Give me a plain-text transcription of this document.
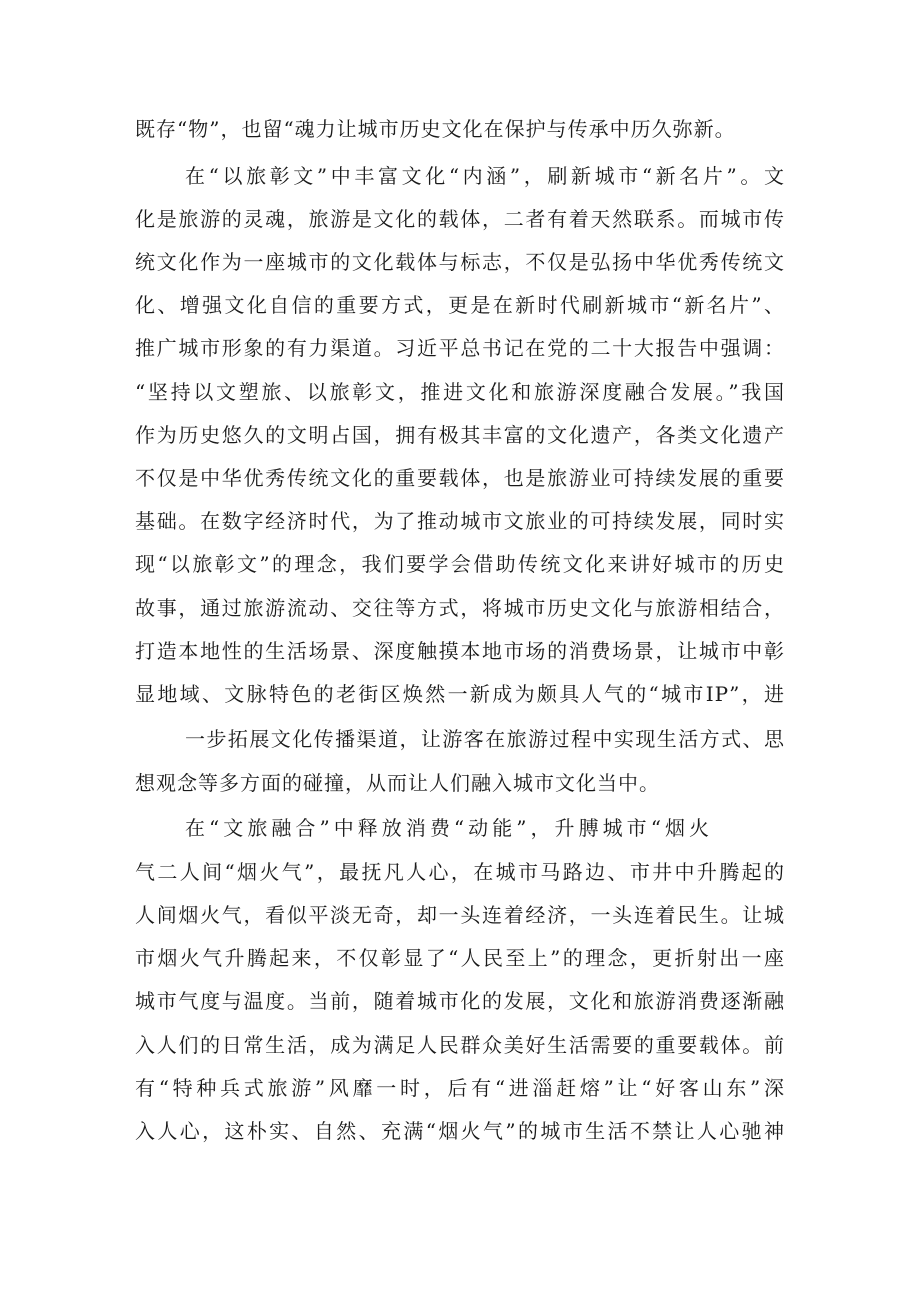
既存“物”，也留“魂力让城市历史文化在保护与传承中历久弥新。
在“以旅彰文”中丰富文化“内涵”，刷新城市“新名片”。文
化是旅游的灵魂，旅游是文化的载体，二者有着天然联系。而城市传
统文化作为一座城市的文化载体与标志，不仅是弘扬中华优秀传统文
化、增强文化自信的重要方式，更是在新时代刷新城市“新名片”、
推广城市形象的有力渠道。习近平总书记在党的二十大报告中强调：
“坚持以文塑旅、以旅彰文，推进文化和旅游深度融合发展。”我国
作为历史悠久的文明占国，拥有极其丰富的文化遗产，各类文化遗产
不仅是中华优秀传统文化的重要载体，也是旅游业可持续发展的重要
基础。在数字经济时代，为了推动城市文旅业的可持续发展，同时实
现“以旅彰文”的理念，我们要学会借助传统文化来讲好城市的历史
故事，通过旅游流动、交往等方式，将城市历史文化与旅游相结合，
打造本地性的生活场景、深度触摸本地市场的消费场景，让城市中彰
显地域、文脉特色的老街区焕然一新成为颇具人气的“城市IP”，进
一步拓展文化传播渠道，让游客在旅游过程中实现生活方式、思
想观念等多方面的碰撞，从而让人们融入城市文化当中。
在“文旅融合”中释放消费“动能”，升膊城市“烟火
气二人间“烟火气”，最抚凡人心，在城市马路边、市井中升腾起的
人间烟火气，看似平淡无奇，却一头连着经济，一头连着民生。让城
市烟火气升腾起来，不仅彰显了“人民至上”的理念，更折射出一座
城市气度与温度。当前，随着城市化的发展，文化和旅游消费逐渐融
入人们的日常生活，成为满足人民群众美好生活需要的重要载体。前
有“特种兵式旅游”风靡一时，后有“进淄赶熔”让“好客山东”深
入人心，这朴实、自然、充满“烟火气”的城市生活不禁让人心驰神
